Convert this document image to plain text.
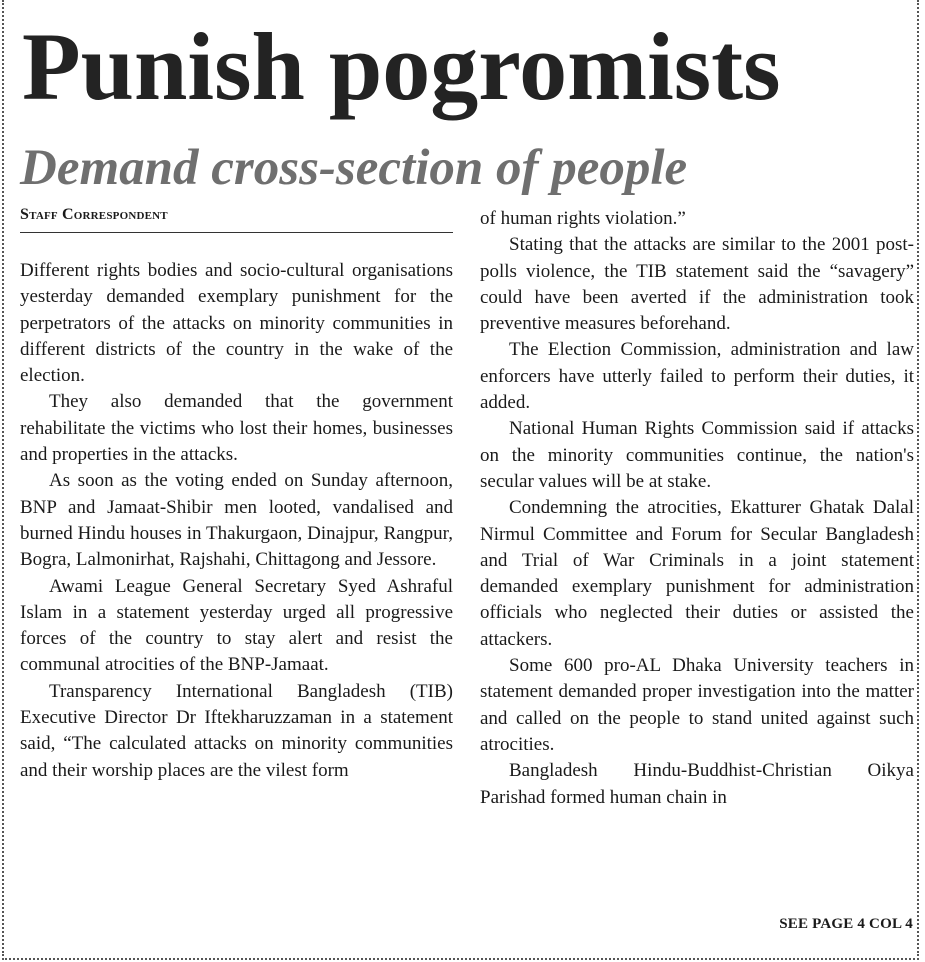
Punish pogromists
Demand cross-section of people
Staff Correspondent

Different rights bodies and socio-cultural organisations yesterday demanded exemplary punishment for the perpetrators of the attacks on minority communities in different districts of the country in the wake of the election.

They also demanded that the government rehabilitate the victims who lost their homes, businesses and properties in the attacks.

As soon as the voting ended on Sunday afternoon, BNP and Jamaat-Shibir men looted, vandalised and burned Hindu houses in Thakurgaon, Dinajpur, Rangpur, Bogra, Lalmonirhat, Rajshahi, Chittagong and Jessore.

Awami League General Secretary Syed Ashraful Islam in a statement yesterday urged all progressive forces of the country to stay alert and resist the communal atrocities of the BNP-Jamaat.

Transparency International Bangladesh (TIB) Executive Director Dr Iftekharuzzaman in a statement said, “The calculated attacks on minority communities and their worship places are the vilest form

of human rights violation.”

Stating that the attacks are similar to the 2001 post-polls violence, the TIB statement said the “savagery” could have been averted if the administration took preventive measures beforehand.

The Election Commission, administration and law enforcers have utterly failed to perform their duties, it added.

National Human Rights Commission said if attacks on the minority communities continue, the nation's secular values will be at stake.

Condemning the atrocities, Ekatturer Ghatak Dalal Nirmul Committee and Forum for Secular Bangladesh and Trial of War Criminals in a joint statement demanded exemplary punishment for administration officials who neglected their duties or assisted the attackers.

Some 600 pro-AL Dhaka University teachers in statement demanded proper investigation into the matter and called on the people to stand united against such atrocities.

Bangladesh Hindu-Buddhist-Christian Oikya Parishad formed human chain in

SEE PAGE 4 COL 4
